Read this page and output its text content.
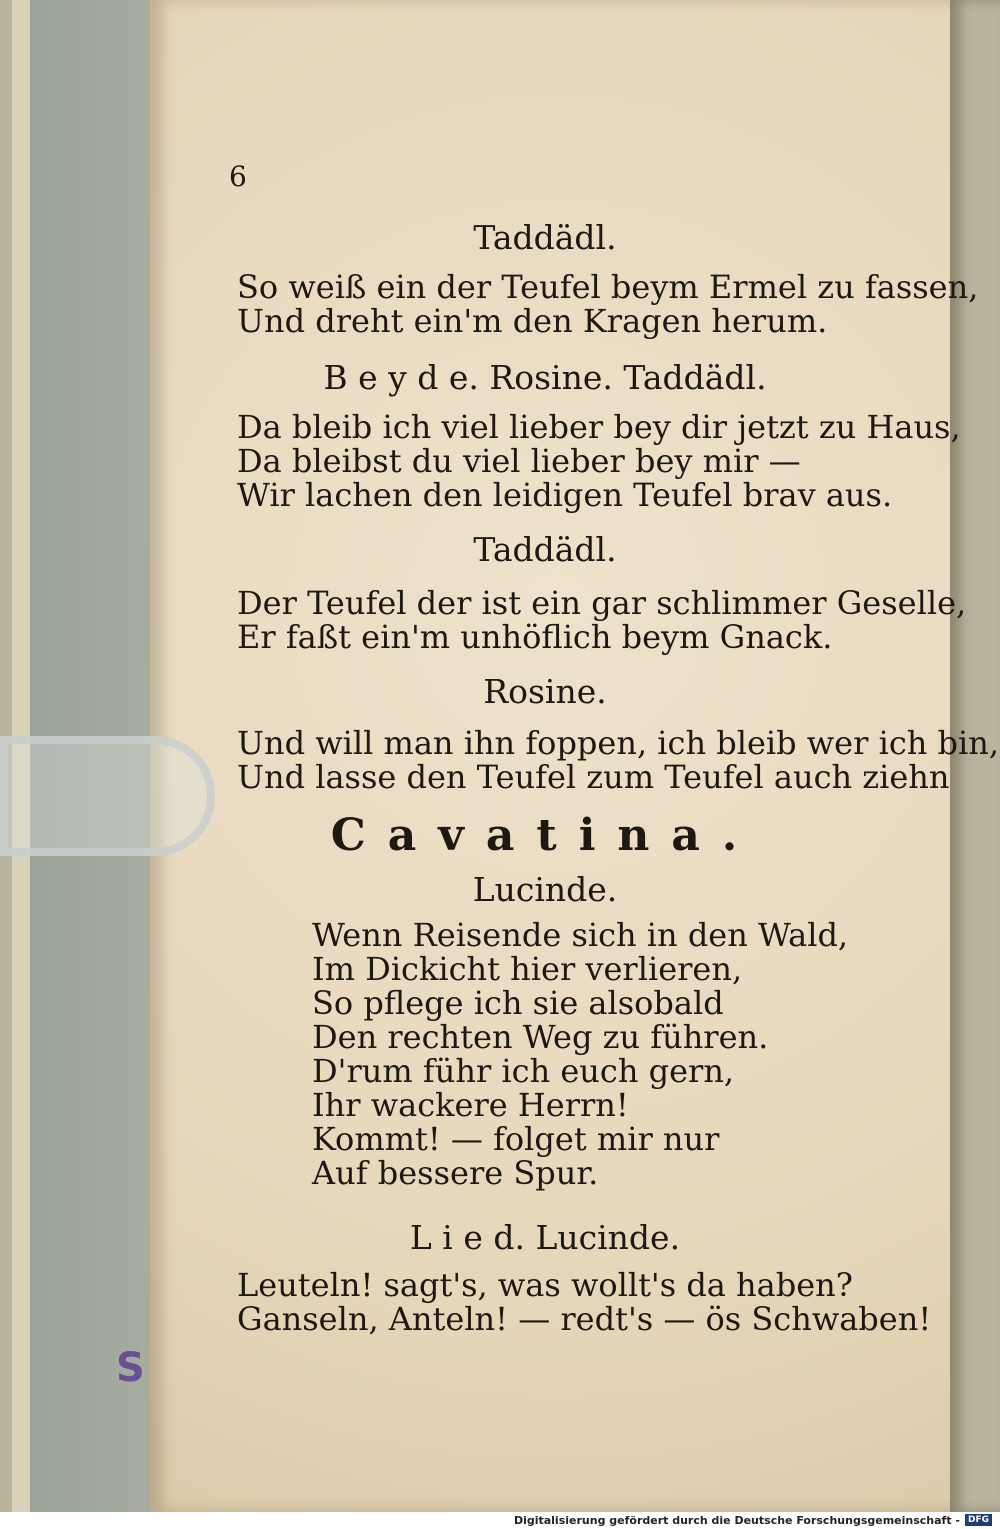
S
6
Taddädl.
So weiß ein der Teufel beym Ermel zu fassen,
Und dreht ein'm den Kragen herum.
B e y d e. Rosine. Taddädl.
Da bleib ich viel lieber bey dir jetzt zu Haus,
Da bleibst du viel lieber bey mir —
Wir lachen den leidigen Teufel brav aus.
Taddädl.
Der Teufel der ist ein gar schlimmer Geselle,
Er faßt ein'm unhöflich beym Gnack.
Rosine.
Und will man ihn foppen, ich bleib wer ich bin,
Und lasse den Teufel zum Teufel auch ziehn
Cavatina.
Lucinde.
Wenn Reisende sich in den Wald,
Im Dickicht hier verlieren,
So pflege ich sie alsobald
Den rechten Weg zu führen.
D'rum führ ich euch gern,
Ihr wackere Herrn!
Kommt! — folget mir nur
Auf bessere Spur.
L i e d. Lucinde.
Leuteln! sagt's, was wollt's da haben?
Ganseln, Anteln! — redt's — ös Schwaben!
Digitalisierung gefördert durch die Deutsche Forschungsgemeinschaft - DFG
